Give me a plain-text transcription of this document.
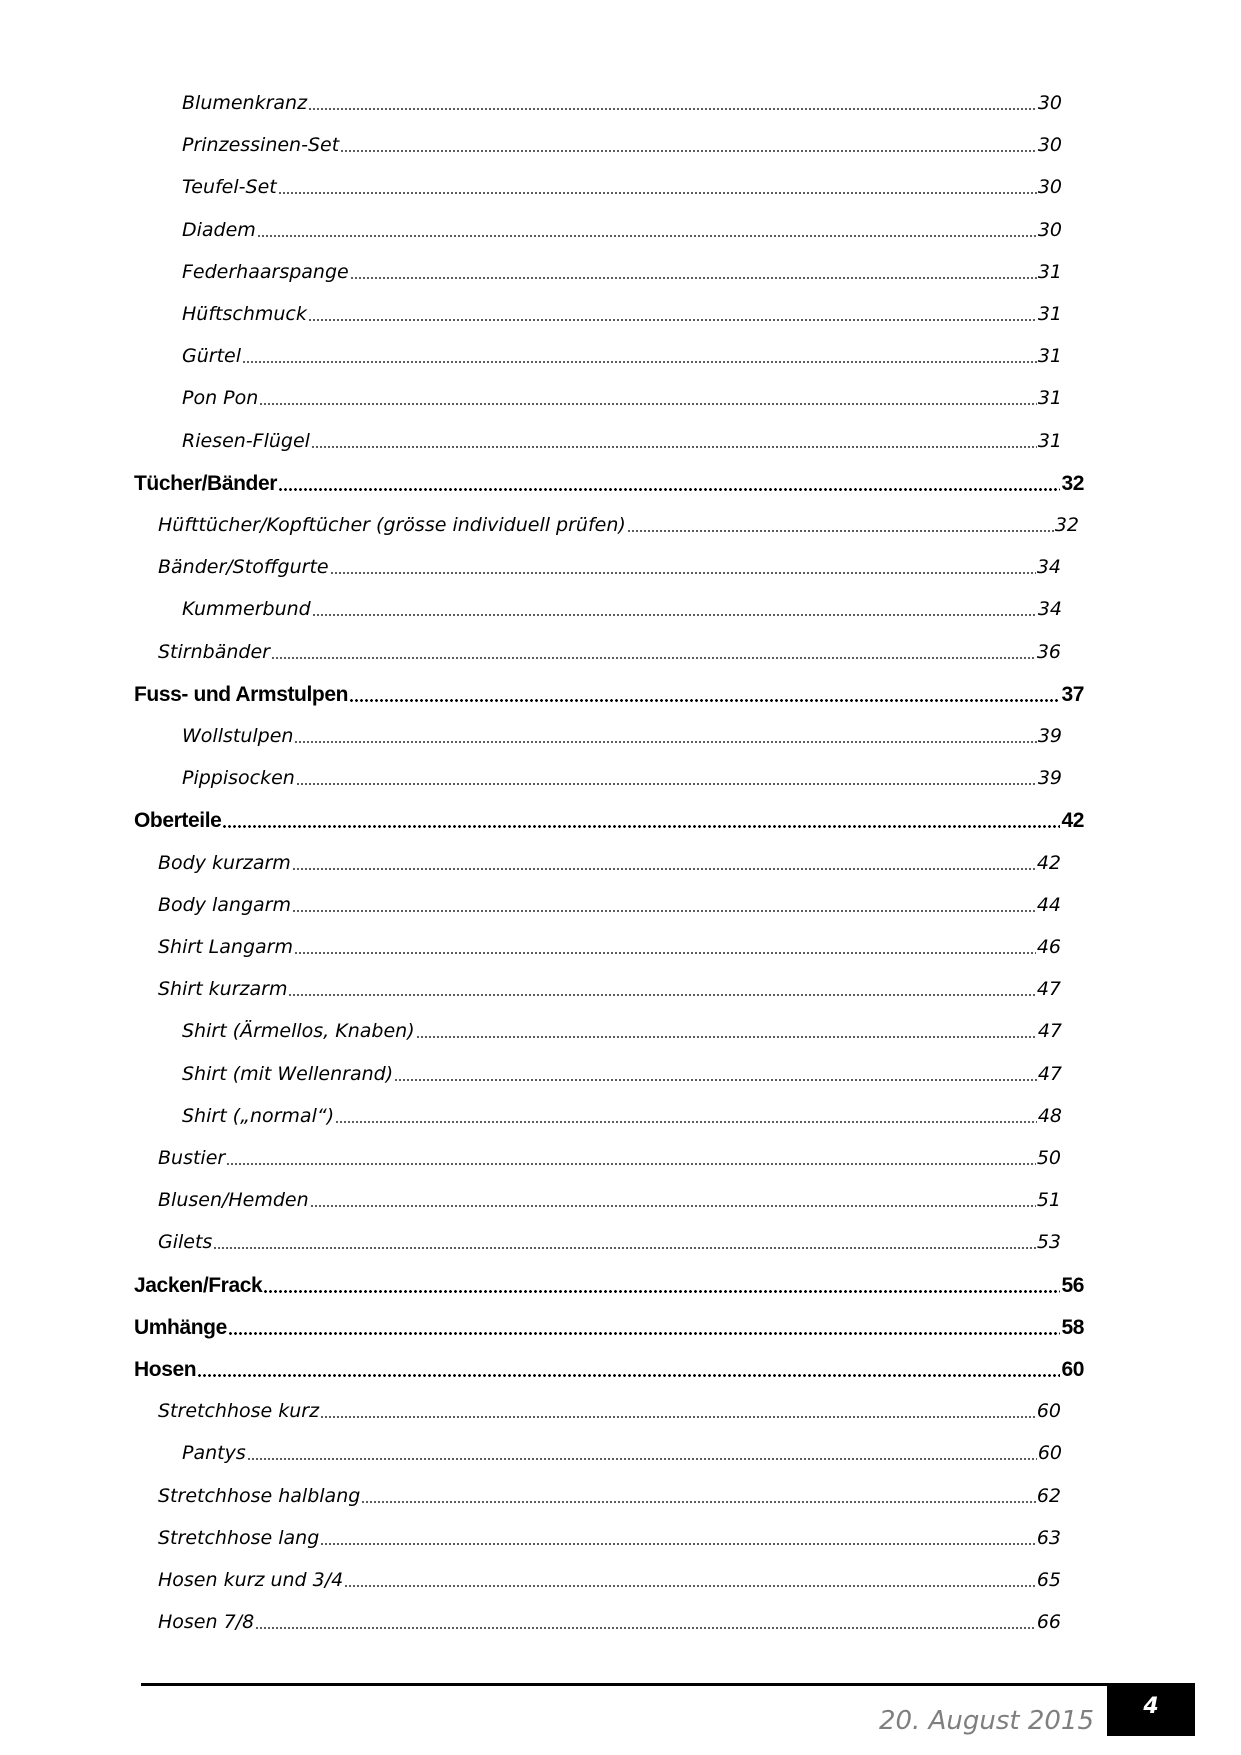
Blumenkranz	30
Prinzessinen-Set	30
Teufel-Set	30
Diadem	30
Federhaarspange	31
Hüftschmuck	31
Gürtel	31
Pon Pon	31
Riesen-Flügel	31
Tücher/Bänder	32
Hüfttücher/Kopftücher (grösse individuell prüfen)	32
Bänder/Stoffgurte	34
Kummerbund	34
Stirnbänder	36
Fuss- und Armstulpen	37
Wollstulpen	39
Pippisocken	39
Oberteile	42
Body kurzarm	42
Body langarm	44
Shirt Langarm	46
Shirt kurzarm	47
Shirt (Ärmellos, Knaben)	47
Shirt (mit Wellenrand)	47
Shirt („normal“)	48
Bustier	50
Blusen/Hemden	51
Gilets	53
Jacken/Frack	56
Umhänge	58
Hosen	60
Stretchhose kurz	60
Pantys	60
Stretchhose halblang	62
Stretchhose lang	63
Hosen kurz und 3/4	65
Hosen 7/8	66
20. August 2015	4
